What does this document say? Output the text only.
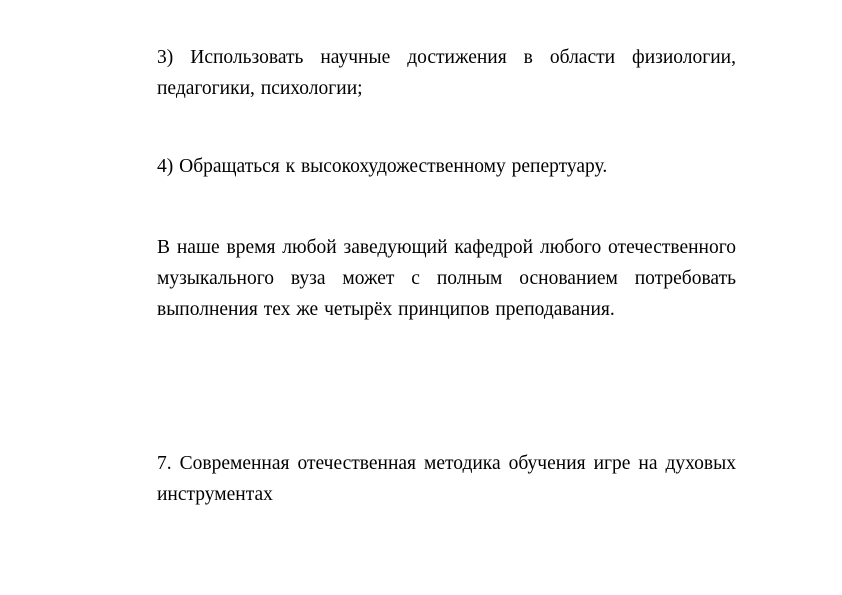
3) Использовать научные достижения в области физиологии, педагогики, психологии;

4) Обращаться к высокохудожественному репертуару.

В наше время любой заведующий кафедрой любого отечественного музыкального вуза может с полным основанием потребовать выполнения тех же четырёх принципов преподавания.

7. Современная отечественная методика обучения игре на духовых инструментах
